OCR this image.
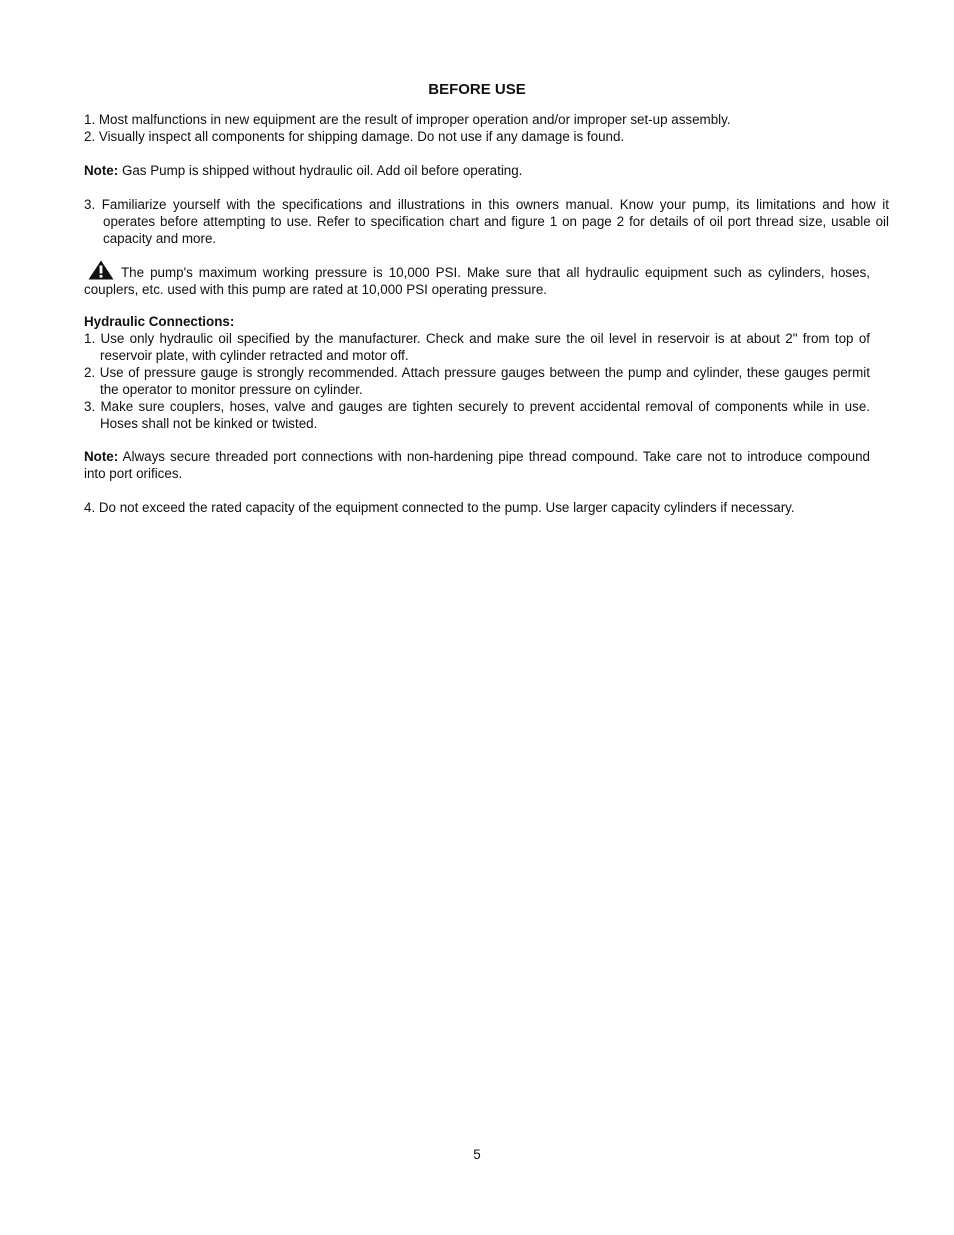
BEFORE USE
1. Most malfunctions in new equipment are the result of improper operation and/or improper set-up assembly.
2. Visually inspect all components for shipping damage. Do not use if any damage is found.
Note: Gas Pump is shipped without hydraulic oil. Add oil before operating.
3. Familiarize yourself with the specifications and illustrations in this owners manual. Know your pump, its limitations and how it operates before attempting to use. Refer to specification chart and figure 1 on page 2 for details of oil port thread size, usable oil capacity and more.
The pump's maximum working pressure is 10,000 PSI. Make sure that all hydraulic equipment such as cylinders, hoses, couplers, etc. used with this pump are rated at 10,000 PSI operating pressure.
Hydraulic Connections:
1. Use only hydraulic oil specified by the manufacturer. Check and make sure the oil level in reservoir is at about 2" from top of reservoir plate, with cylinder retracted and motor off.
2. Use of pressure gauge is strongly recommended. Attach pressure gauges between the pump and cylinder, these gauges permit the operator to monitor pressure on cylinder.
3. Make sure couplers, hoses, valve and gauges are tighten securely to prevent accidental removal of components while in use. Hoses shall not be kinked or twisted.
Note: Always secure threaded port connections with non-hardening pipe thread compound. Take care not to introduce compound into port orifices.
4. Do not exceed the rated capacity of the equipment connected to the pump. Use larger capacity cylinders if necessary.
5
